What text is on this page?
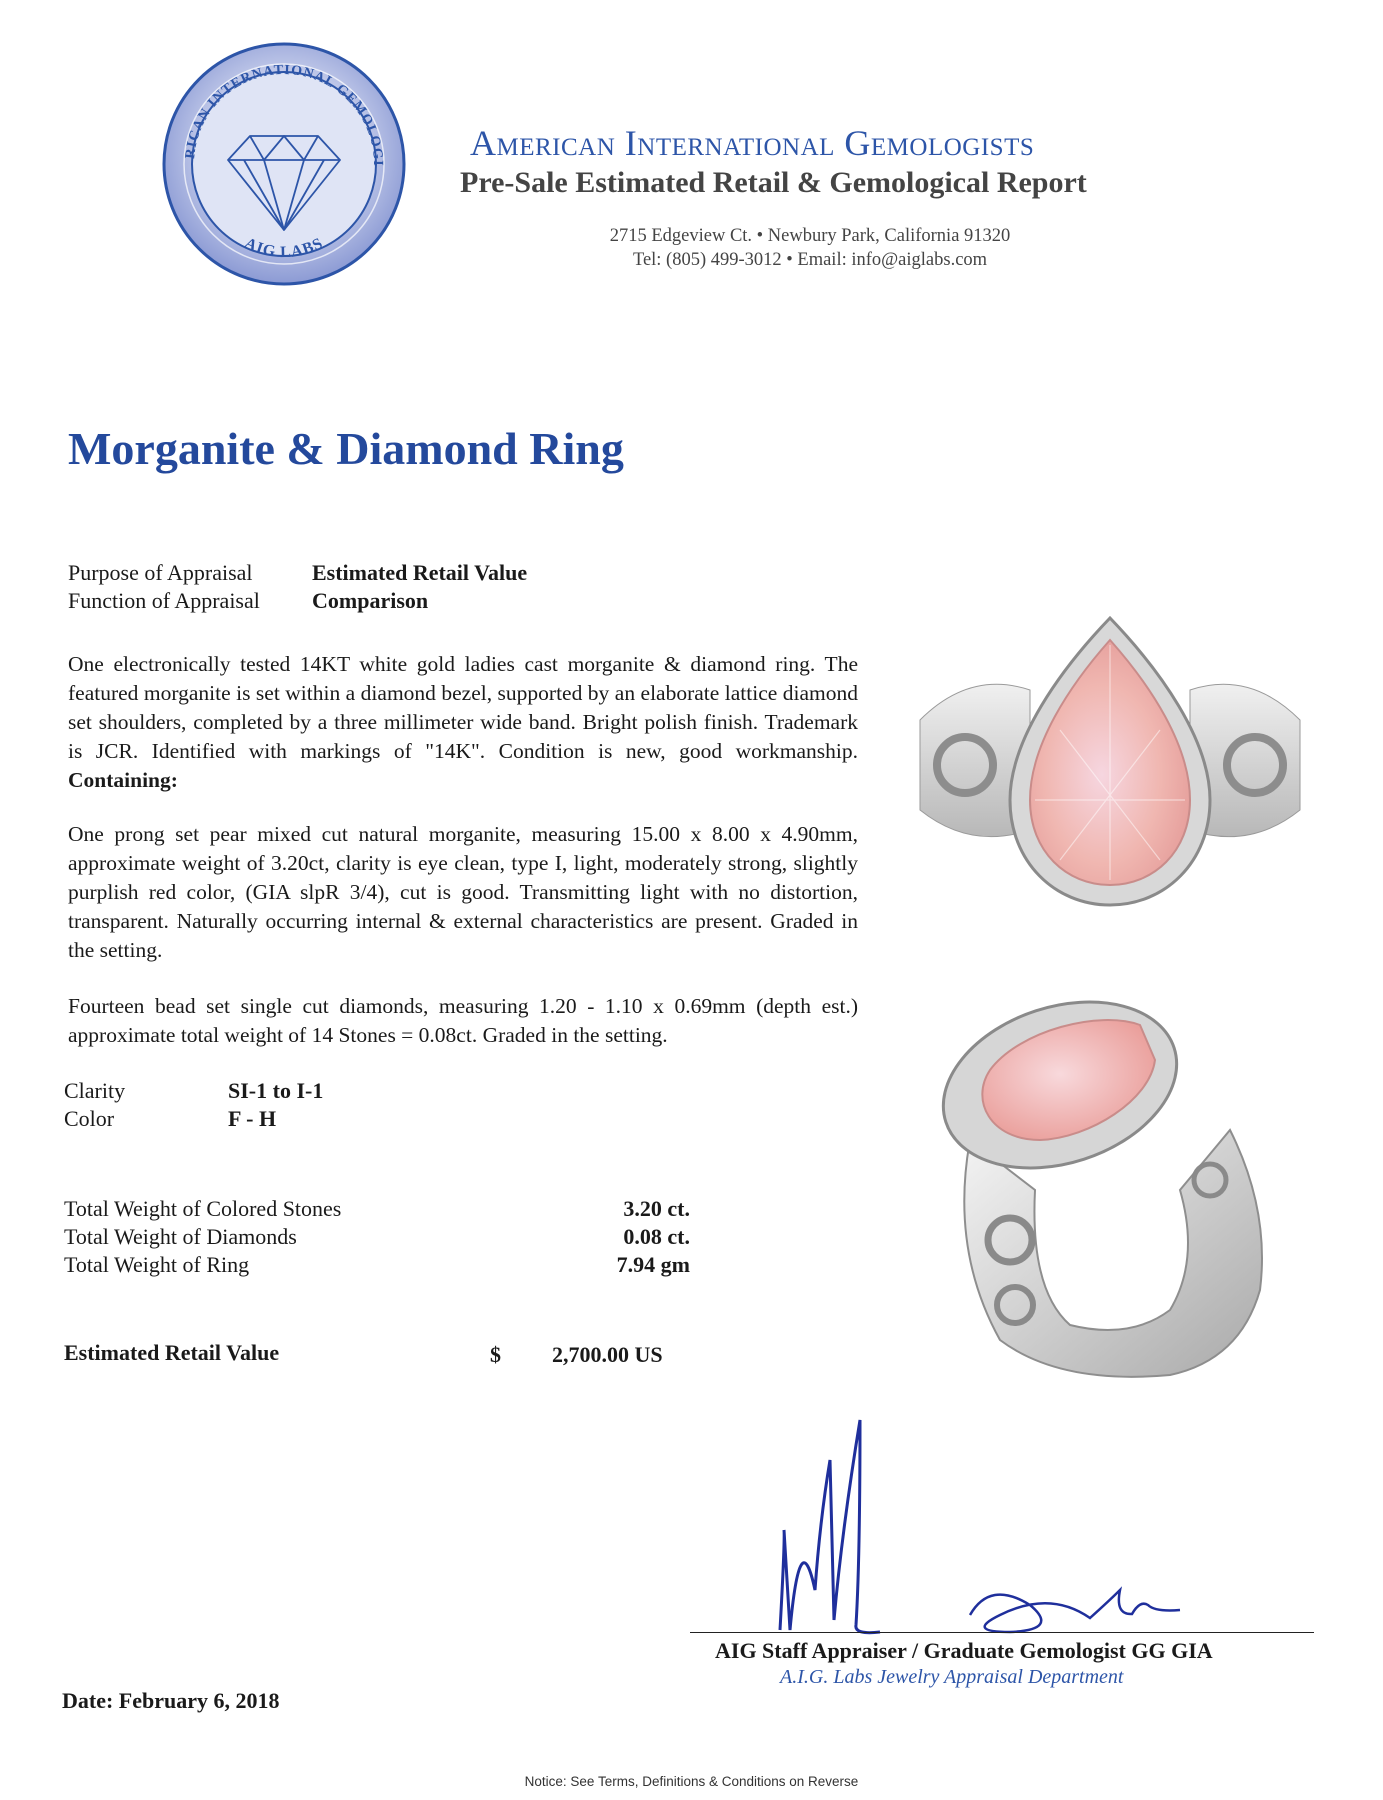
RICAN INTERNATIONAL GEMOLOGI
AIG LABS
American International Gemologists
Pre-Sale Estimated Retail & Gemological Report
2715 Edgeview Ct. • Newbury Park, California 91320
Tel: (805) 499-3012 • Email: info@aiglabs.com
Morganite & Diamond Ring
Purpose of Appraisal	Estimated Retail Value
Function of Appraisal Comparison
One electronically tested 14KT white gold ladies cast morganite & diamond ring. The featured morganite is set within a diamond bezel, supported by an elaborate lattice diamond set shoulders, completed by a three millimeter wide band. Bright polish finish. Trademark is JCR. Identified with markings of "14K". Condition is new, good workmanship. Containing:
One prong set pear mixed cut natural morganite, measuring 15.00 x 8.00 x 4.90mm, approximate weight of 3.20ct, clarity is eye clean, type I, light, moderately strong, slightly purplish red color, (GIA slpR 3/4), cut is good. Transmitting light with no distortion, transparent. Naturally occurring internal & external characteristics are present. Graded in the setting.
Fourteen bead set single cut diamonds, measuring 1.20 - 1.10 x 0.69mm (depth est.) approximate total weight of 14 Stones = 0.08ct. Graded in the setting.
Clarity	SI-1 to I-1
Color	F - H
Total Weight of Colored Stones	3.20 ct.
Total Weight of Diamonds	0.08 ct.
Total Weight of Ring	7.94 gm
Estimated Retail Value	$ 2,700.00 US
AIG Staff Appraiser / Graduate Gemologist GG GIA
A.I.G. Labs Jewelry Appraisal Department
Date: February 6, 2018
Notice: See Terms, Definitions & Conditions on Reverse
